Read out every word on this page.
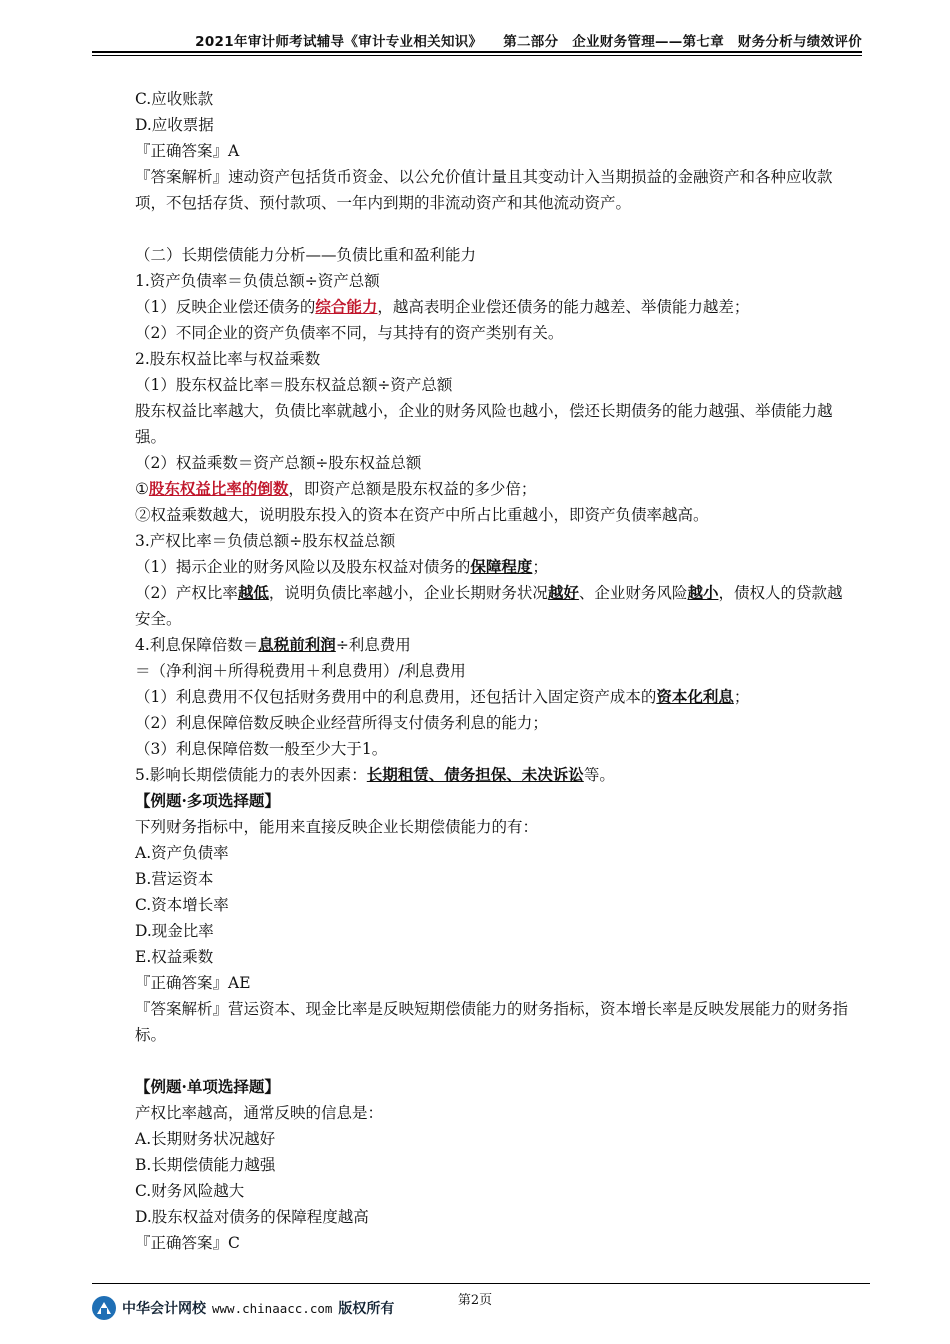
2021年审计师考试辅导《审计专业相关知识》　　第二部分　企业财务管理——第七章　财务分析与绩效评价

C.应收账款

D.应收票据

『正确答案』A

『答案解析』速动资产包括货币资金、以公允价值计量且其变动计入当期损益的金融资产和各种应收款项，不包括存货、预付款项、一年内到期的非流动资产和其他流动资产。

（二）长期偿债能力分析——负债比重和盈利能力

1.资产负债率＝负债总额÷资产总额

（1）反映企业偿还债务的综合能力，越高表明企业偿还债务的能力越差、举债能力越差；

（2）不同企业的资产负债率不同，与其持有的资产类别有关。

2.股东权益比率与权益乘数

（1）股东权益比率＝股东权益总额÷资产总额

股东权益比率越大，负债比率就越小，企业的财务风险也越小，偿还长期债务的能力越强、举债能力越强。

（2）权益乘数＝资产总额÷股东权益总额

①股东权益比率的倒数，即资产总额是股东权益的多少倍；

②权益乘数越大，说明股东投入的资本在资产中所占比重越小，即资产负债率越高。

3.产权比率＝负债总额÷股东权益总额

（1）揭示企业的财务风险以及股东权益对债务的保障程度；

（2）产权比率越低，说明负债比率越小，企业长期财务状况越好、企业财务风险越小，债权人的贷款越安全。

4.利息保障倍数＝息税前利润÷利息费用

＝（净利润＋所得税费用＋利息费用）/利息费用

（1）利息费用不仅包括财务费用中的利息费用，还包括计入固定资产成本的资本化利息；

（2）利息保障倍数反映企业经营所得支付债务利息的能力；

（3）利息保障倍数一般至少大于1。

5.影响长期偿债能力的表外因素：长期租赁、债务担保、未决诉讼等。

【例题·多项选择题】

下列财务指标中，能用来直接反映企业长期偿债能力的有：

A.资产负债率

B.营运资本

C.资本增长率

D.现金比率

E.权益乘数

『正确答案』AE

『答案解析』营运资本、现金比率是反映短期偿债能力的财务指标，资本增长率是反映发展能力的财务指标。

【例题·单项选择题】

产权比率越高，通常反映的信息是：

A.长期财务状况越好

B.长期偿债能力越强

C.财务风险越大

D.股东权益对债务的保障程度越高

『正确答案』C

第2页
中华会计网校 www.chinaacc.com 版权所有
